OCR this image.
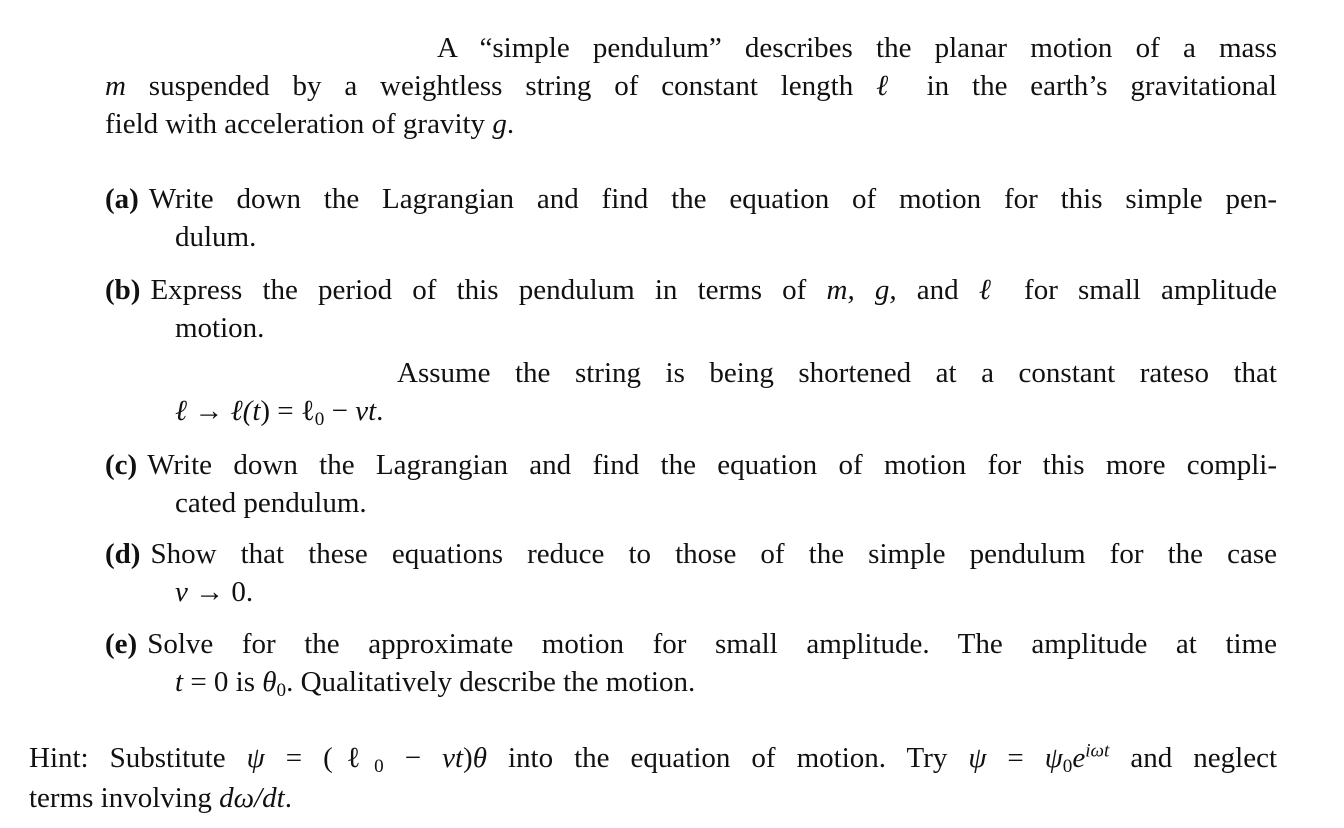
A “simple pendulum” describes the planar motion of a mass
m suspended by a weightless string of constant length ℓ in the earth’s gravitational
field with acceleration of gravity g.
(a) Write down the Lagrangian and find the equation of motion for this simple pen-
dulum.
(b) Express the period of this pendulum in terms of m, g, and ℓ for small amplitude
motion.
Assume the string is being shortened at a constant rateso that
ℓ → ℓ(t) = ℓ$_0$ − vt.
(c) Write down the Lagrangian and find the equation of motion for this more compli-
cated pendulum.
(d) Show that these equations reduce to those of the simple pendulum for the case
v → 0.
(e) Solve for the approximate motion for small amplitude. The amplitude at time
t = 0 is $\theta_0$. Qualitatively describe the motion.
Hint: Substitute ψ = (ℓ$_0$ − vt)θ into the equation of motion. Try $\psi = \psi_0e^{i\omega t}$ and neglect
terms involving dω/dt.
